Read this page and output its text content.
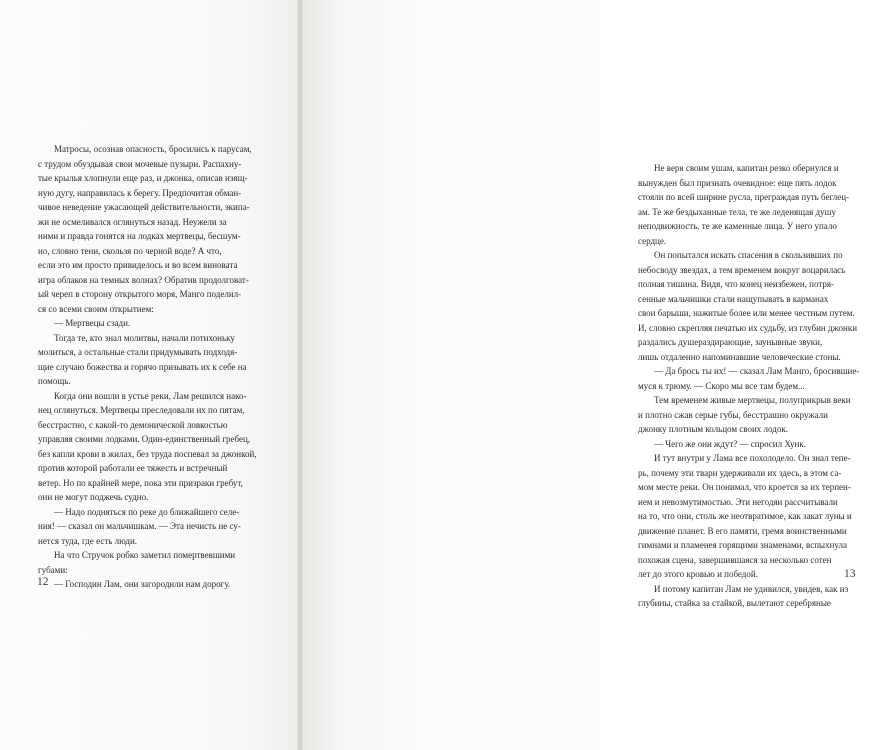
Матросы, осознав опасность, бросились к парусам,

с трудом обуздывая свои мочевые пузыри. Распахну-

тые крылья хлопнули еще раз, и джонка, описав изящ-

ную дугу, направилась к берегу. Предпочитая обман-

чивое неведение ужасающей действительности, экипа-

жи не осмеливался оглянуться назад. Неужели за

ними и правда гонятся на лодках мертвецы, бесшум-

но, словно тени, скользя по черной воде? А что,

если это им просто привиделось и во всем виновата

игра облаков на темных волнах? Обратив продолговат-

ый череп в сторону открытого моря, Манго поделил-

ся со всеми своим открытием:

— Мертвецы сзади.

Тогда те, кто знал молитвы, начали потихоньку

молиться, а остальные стали придумывать подходя-

щие случаю божества и горячо призывать их к себе на

помощь.

Когда они вошли в устье реки, Лам решился нако-

нец оглянуться. Мертвецы преследовали их по пятам,

бесстрастно, с какой-то демонической ловкостью

управляя своими лодками. Один-единственный гребец,

без капли крови в жилах, без труда поспевал за джонкой,

против которой работали ее тяжесть и встречный

ветер. Но по крайней мере, пока эти призраки гребут,

они не могут поджечь судно.

— Надо подняться по реке до ближайшего селе-

ния! — сказал он мальчишкам. — Эта нечисть не су-

нется туда, где есть люди.

На что Стручок робко заметил помертвевшими

губами:

— Господин Лам, они загородили нам дорогу.

12

Не веря своим ушам, капитан резко обернулся и

вынужден был признать очевидное: еще пять лодок

стояли по всей ширине русла, преграждая путь беглец-

ам. Те же бездыханные тела, те же леденящая душу

неподвижность, те же каменные лица. У него упало

сердце.

Он попытался искать спасения в скользивших по

небосводу звездах, а тем временем вокруг воцарилась

полная тишина. Видя, что конец неизбежен, потря-

сенные мальчишки стали нащупывать в карманах

свои барыши, нажитые более или менее честным путем.

И, словно скрепляя печатью их судьбу, из глубин джонки

раздались душераздирающие, заунывные звуки,

лишь отдаленно напоминавшие человеческие стоны.

— Да брось ты их! — сказал Лам Манго, бросившие-

муся к трюму. — Скоро мы все там будем...

Тем временем живые мертвецы, полуприкрыв веки

и плотно сжав серые губы, бесстрашно окружали

джонку плотным кольцом своих лодок.

— Чего же они ждут? — спросил Хунк.

И тут внутри у Лама все похолодело. Он знал тепе-

рь, почему эти твари удерживали их здесь, в этом са-

мом месте реки. Он понимал, что кроется за их терпен-

ием и невозмутимостью. Эти негодяи рассчитывали

на то, что они, столь же неотвратимое, как закат луны и

движение планет. В его памяти, гремя воинственными

гимнами и пламенея горящими знаменами, вспыхнула

похожая сцена, завершившаяся за несколько сотен

лет до этого кровью и победой.

И потому капитан Лам не удивился, увидев, как из

глубины, стайка за стайкой, вылетают серебряные

13
